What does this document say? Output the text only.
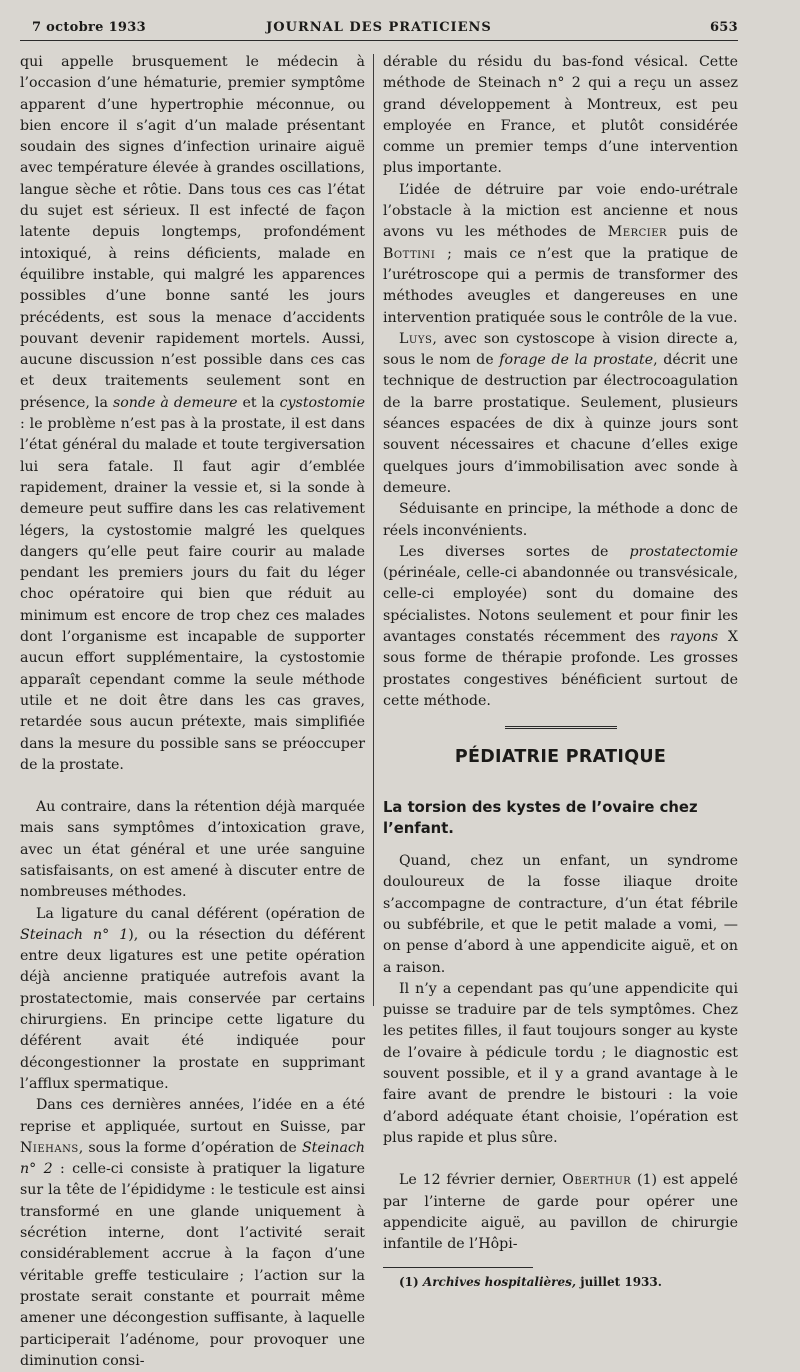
7 octobre 1933	JOURNAL DES PRATICIENS	653

qui appelle brusquement le médecin à l’occasion d’une hématurie, premier symptôme apparent d’une hypertrophie méconnue, ou bien encore il s’agit d’un malade présentant soudain des signes d’infection urinaire aiguë avec température élevée à grandes oscillations, langue sèche et rôtie. Dans tous ces cas l’état du sujet est sérieux. Il est infecté de façon latente depuis longtemps, profondément intoxiqué, à reins déficients, malade en équilibre instable, qui malgré les apparences possibles d’une bonne santé les jours précédents, est sous la menace d’accidents pouvant devenir rapidement mortels. Aussi, aucune discussion n’est possible dans ces cas et deux traitements seulement sont en présence, la sonde à demeure et la cystostomie : le problème n’est pas à la prostate, il est dans l’état général du malade et toute tergiversation lui sera fatale. Il faut agir d’emblée rapidement, drainer la vessie et, si la sonde à demeure peut suffire dans les cas relativement légers, la cystostomie malgré les quelques dangers qu’elle peut faire courir au malade pendant les premiers jours du fait du léger choc opératoire qui bien que réduit au minimum est encore de trop chez ces malades dont l’organisme est incapable de supporter aucun effort supplémentaire, la cystostomie apparaît cependant comme la seule méthode utile et ne doit être dans les cas graves, retardée sous aucun prétexte, mais simplifiée dans la mesure du possible sans se préoccuper de la prostate.

Au contraire, dans la rétention déjà marquée mais sans symptômes d’intoxication grave, avec un état général et une urée sanguine satisfaisants, on est amené à discuter entre de nombreuses méthodes.

La ligature du canal déférent (opération de Steinach n° 1), ou la résection du déférent entre deux ligatures est une petite opération déjà ancienne pratiquée autrefois avant la prostatectomie, mais conservée par certains chirurgiens. En principe cette ligature du déférent avait été indiquée pour décongestionner la prostate en supprimant l’afflux spermatique.

Dans ces dernières années, l’idée en a été reprise et appliquée, surtout en Suisse, par Niehans, sous la forme d’opération de Steinach n° 2 : celle-ci consiste à pratiquer la ligature sur la tête de l’épididyme : le testicule est ainsi transformé en une glande uniquement à sécrétion interne, dont l’activité serait considérablement accrue à la façon d’une véritable greffe testiculaire ; l’action sur la prostate serait constante et pourrait même amener une décongestion suffisante, à laquelle participerait l’adénome, pour provoquer une diminution consi-

dérable du résidu du bas-fond vésical. Cette méthode de Steinach n° 2 qui a reçu un assez grand développement à Montreux, est peu employée en France, et plutôt considérée comme un premier temps d’une intervention plus importante.

L’idée de détruire par voie endo-urétrale l’obstacle à la miction est ancienne et nous avons vu les méthodes de Mercier puis de Bottini ; mais ce n’est que la pratique de l’urétroscope qui a permis de transformer des méthodes aveugles et dangereuses en une intervention pratiquée sous le contrôle de la vue.

Luys, avec son cystoscope à vision directe a, sous le nom de forage de la prostate, décrit une technique de destruction par électrocoagulation de la barre prostatique. Seulement, plusieurs séances espacées de dix à quinze jours sont souvent nécessaires et chacune d’elles exige quelques jours d’immobilisation avec sonde à demeure.

Séduisante en principe, la méthode a donc de réels inconvénients.

Les diverses sortes de prostatectomie (périnéale, celle-ci abandonnée ou transvésicale, celle-ci employée) sont du domaine des spécialistes. Notons seulement et pour finir les avantages constatés récemment des rayons X sous forme de thérapie profonde. Les grosses prostates congestives bénéficient surtout de cette méthode.

PÉDIATRIE PRATIQUE
La torsion des kystes de l’ovaire chez l’enfant.

Quand, chez un enfant, un syndrome douloureux de la fosse iliaque droite s’accompagne de contracture, d’un état fébrile ou subfébrile, et que le petit malade a vomi, — on pense d’abord à une appendicite aiguë, et on a raison.

Il n’y a cependant pas qu’une appendicite qui puisse se traduire par de tels symptômes. Chez les petites filles, il faut toujours songer au kyste de l’ovaire à pédicule tordu ; le diagnostic est souvent possible, et il y a grand avantage à le faire avant de prendre le bistouri : la voie d’abord adéquate étant choisie, l’opération est plus rapide et plus sûre.

Le 12 février dernier, Oberthur (1) est appelé par l’interne de garde pour opérer une appendicite aiguë, au pavillon de chirurgie infantile de l’Hôpi-

(1) Archives hospitalières, juillet 1933.
